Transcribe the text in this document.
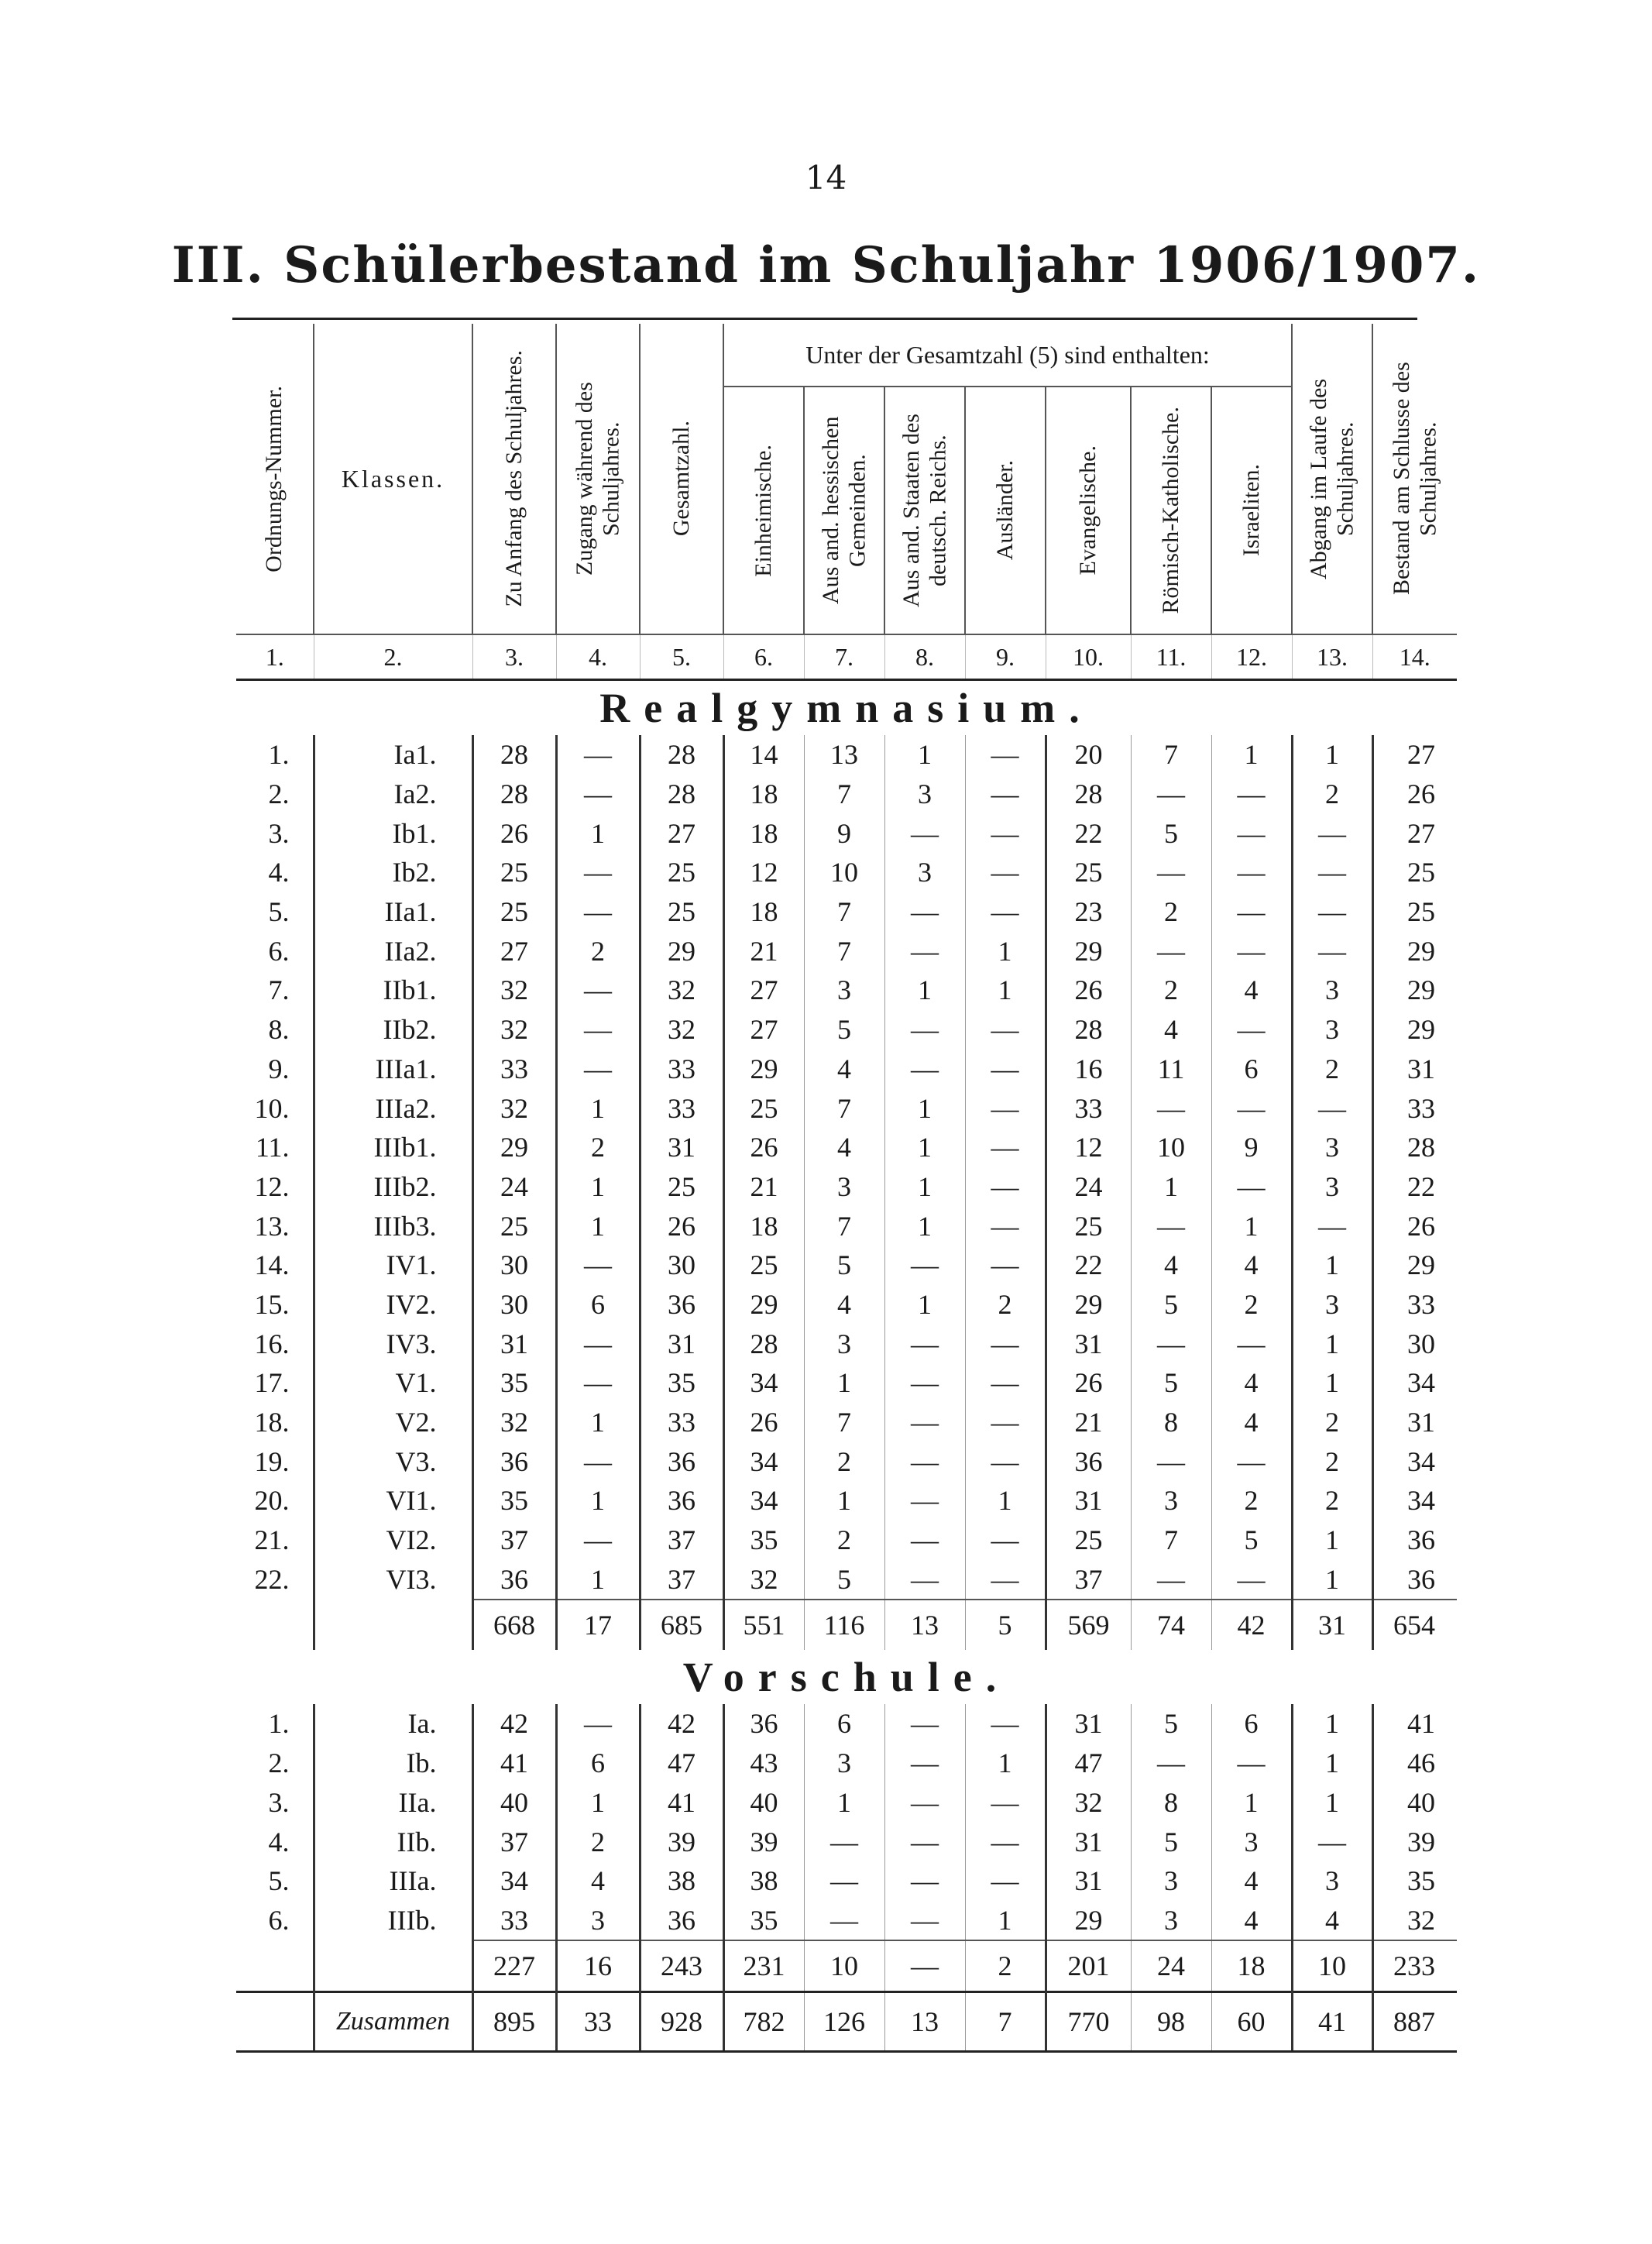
14
III. Schülerbestand im Schuljahr 1906/1907.
Ordnungs-Nummer.	Klassen.	Zu Anfang des Schuljahres.	Zugang während des Schuljahres.	Gesamtzahl.	Unter der Gesamtzahl (5) sind enthalten:							Abgang im Laufe des Schuljahres.	Bestand am Schlusse des Schuljahres.

					Einheimische.	Aus and. hessischen Gemeinden.	Aus and. Staaten des deutsch. Reichs.	Ausländer.	Evangelische.	Römisch-Katholische.	Israeliten.		

1.	2.	3.	4.	5.	6.	7.	8.	9.	10.	11.	12.	13.	14.
Realgymnasium.													
1.	Ia1.	28	—	28	14	13	1	—	20	7	1	1	27
2.	Ia2.	28	—	28	18	7	3	—	28	—	—	2	26
3.	Ib1.	26	1	27	18	9	—	—	22	5	—	—	27
4.	Ib2.	25	—	25	12	10	3	—	25	—	—	—	25
5.	IIa1.	25	—	25	18	7	—	—	23	2	—	—	25
6.	IIa2.	27	2	29	21	7	—	1	29	—	—	—	29
7.	IIb1.	32	—	32	27	3	1	1	26	2	4	3	29
8.	IIb2.	32	—	32	27	5	—	—	28	4	—	3	29
9.	IIIa1.	33	—	33	29	4	—	—	16	11	6	2	31
10.	IIIa2.	32	1	33	25	7	1	—	33	—	—	—	33
11.	IIIb1.	29	2	31	26	4	1	—	12	10	9	3	28
12.	IIIb2.	24	1	25	21	3	1	—	24	1	—	3	22
13.	IIIb3.	25	1	26	18	7	1	—	25	—	1	—	26
14.	IV1.	30	—	30	25	5	—	—	22	4	4	1	29
15.	IV2.	30	6	36	29	4	1	2	29	5	2	3	33
16.	IV3.	31	—	31	28	3	—	—	31	—	—	1	30
17.	V1.	35	—	35	34	1	—	—	26	5	4	1	34
18.	V2.	32	1	33	26	7	—	—	21	8	4	2	31
19.	V3.	36	—	36	34	2	—	—	36	—	—	2	34
20.	VI1.	35	1	36	34	1	—	1	31	3	2	2	34
21.	VI2.	37	—	37	35	2	—	—	25	7	5	1	36
22.	VI3.	36	1	37	32	5	—	—	37	—	—	1	36
		668	17	685	551	116	13	5	569	74	42	31	654
Vorschule.													
1.	Ia.	42	—	42	36	6	—	—	31	5	6	1	41
2.	Ib.	41	6	47	43	3	—	1	47	—	—	1	46
3.	IIa.	40	1	41	40	1	—	—	32	8	1	1	40
4.	IIb.	37	2	39	39	—	—	—	31	5	3	—	39
5.	IIIa.	34	4	38	38	—	—	—	31	3	4	3	35
6.	IIIb.	33	3	36	35	—	—	1	29	3	4	4	32
		227	16	243	231	10	—	2	201	24	18	10	233
	Zusammen	895	33	928	782	126	13	7	770	98	60	41	887
